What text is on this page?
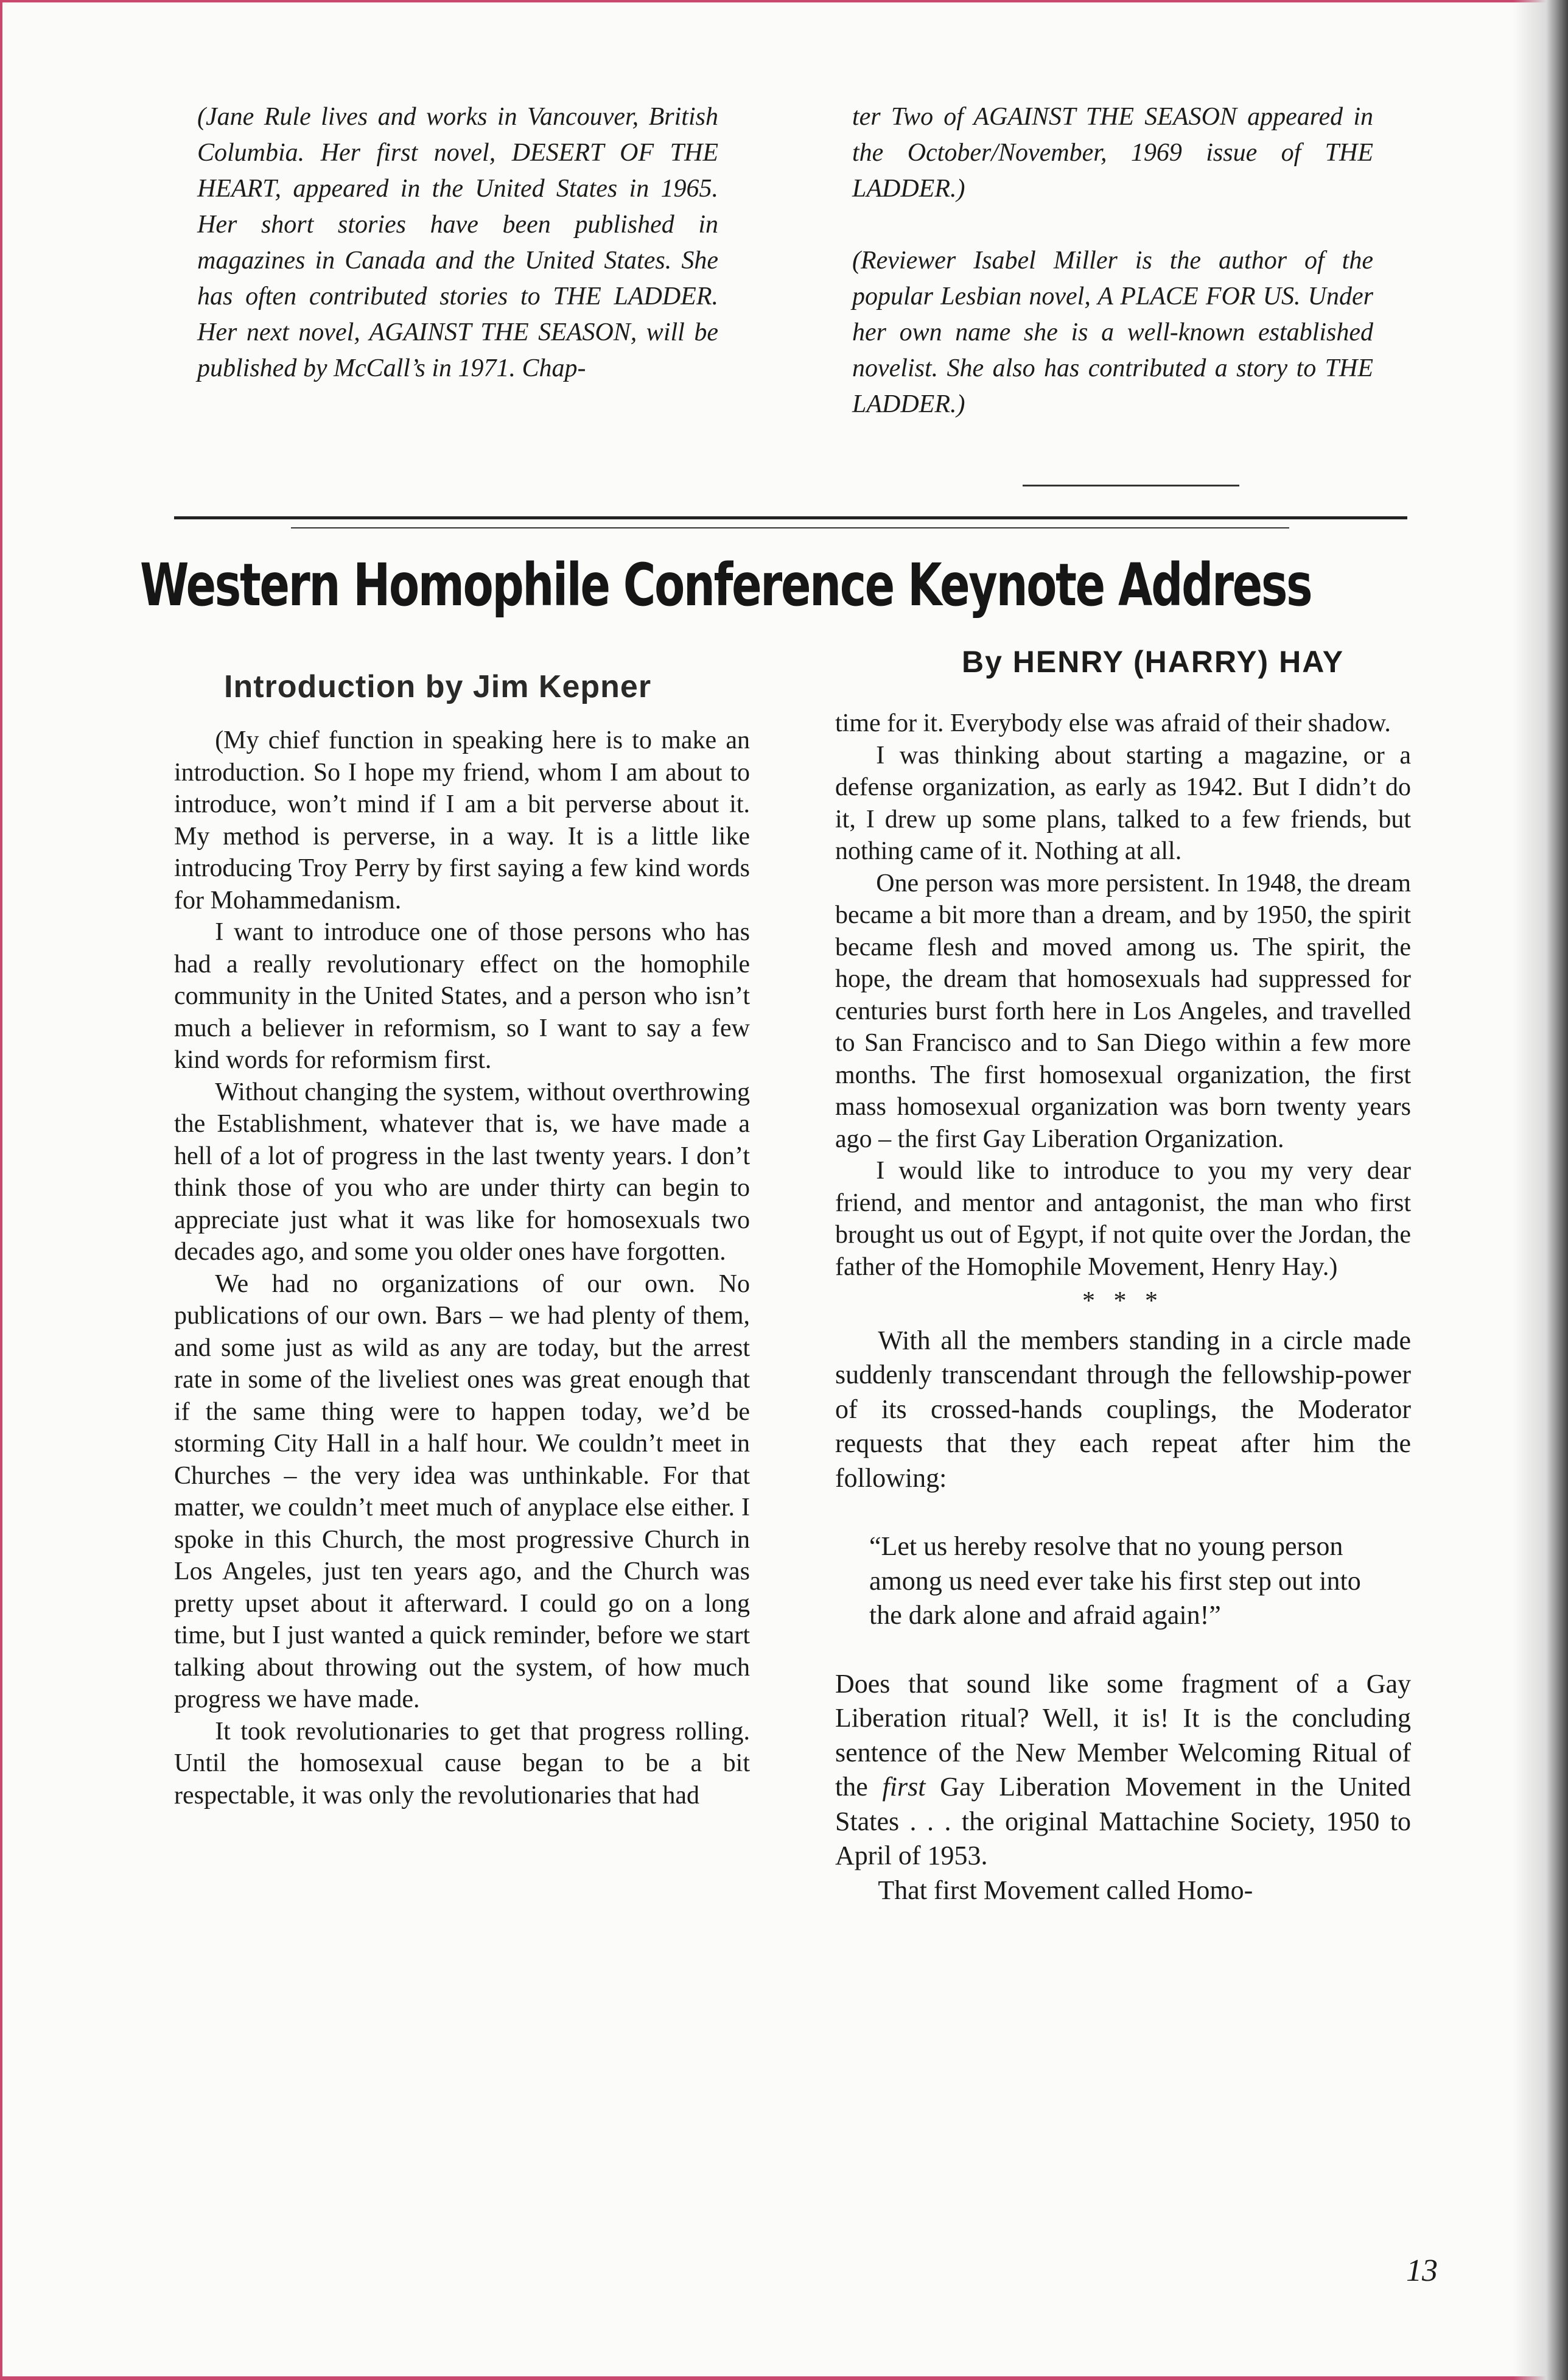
(Jane Rule lives and works in Vancouver, British Columbia. Her first novel, DESERT OF THE HEART, appeared in the United States in 1965. Her short stories have been published in magazines in Canada and the United States. She has often contributed stories to THE LADDER. Her next novel, AGAINST THE SEASON, will be published by McCall’s in 1971. Chap-

ter Two of AGAINST THE SEASON appeared in the October/November, 1969 issue of THE LADDER.)

(Reviewer Isabel Miller is the author of the popular Lesbian novel, A PLACE FOR US. Under her own name she is a well-known established novelist. She also has contributed a story to THE LADDER.)

Western Homophile Conference Keynote Address
By HENRY (HARRY) HAY
Introduction by Jim Kepner

(My chief function in speaking here is to make an introduction. So I hope my friend, whom I am about to introduce, won’t mind if I am a bit perverse about it. My method is perverse, in a way. It is a little like introducing Troy Perry by first saying a few kind words for Mohammedanism.

I want to introduce one of those persons who has had a really revolutionary effect on the homophile community in the United States, and a person who isn’t much a believer in reformism, so I want to say a few kind words for reformism first.

Without changing the system, without overthrowing the Establishment, whatever that is, we have made a hell of a lot of progress in the last twenty years. I don’t think those of you who are under thirty can begin to appreciate just what it was like for homosexuals two decades ago, and some you older ones have forgotten.

We had no organizations of our own. No publications of our own. Bars – we had plenty of them, and some just as wild as any are today, but the arrest rate in some of the liveliest ones was great enough that if the same thing were to happen today, we’d be storming City Hall in a half hour. We couldn’t meet in Churches – the very idea was unthinkable. For that matter, we couldn’t meet much of anyplace else either. I spoke in this Church, the most progressive Church in Los Angeles, just ten years ago, and the Church was pretty upset about it afterward. I could go on a long time, but I just wanted a quick reminder, before we start talking about throwing out the system, of how much progress we have made.

It took revolutionaries to get that progress rolling. Until the homosexual cause began to be a bit respectable, it was only the revolutionaries that had

time for it. Everybody else was afraid of their shadow.

I was thinking about starting a magazine, or a defense organization, as early as 1942. But I didn’t do it, I drew up some plans, talked to a few friends, but nothing came of it. Nothing at all.

One person was more persistent. In 1948, the dream became a bit more than a dream, and by 1950, the spirit became flesh and moved among us. The spirit, the hope, the dream that homosexuals had suppressed for centuries burst forth here in Los Angeles, and travelled to San Francisco and to San Diego within a few more months. The first homosexual organization, the first mass homosexual organization was born twenty years ago – the first Gay Liberation Organization.

I would like to introduce to you my very dear friend, and mentor and antagonist, the man who first brought us out of Egypt, if not quite over the Jordan, the father of the Homophile Movement, Henry Hay.)

* * *

With all the members standing in a circle made suddenly transcendant through the fellowship-power of its crossed-hands couplings, the Moderator requests that they each repeat after him the following:

“Let us hereby resolve that no young person among us need ever take his first step out into the dark alone and afraid again!”

Does that sound like some fragment of a Gay Liberation ritual? Well, it is! It is the concluding sentence of the New Member Welcoming Ritual of the first Gay Liberation Movement in the United States . . . the original Mattachine Society, 1950 to April of 1953.

That first Movement called Homo-

13
